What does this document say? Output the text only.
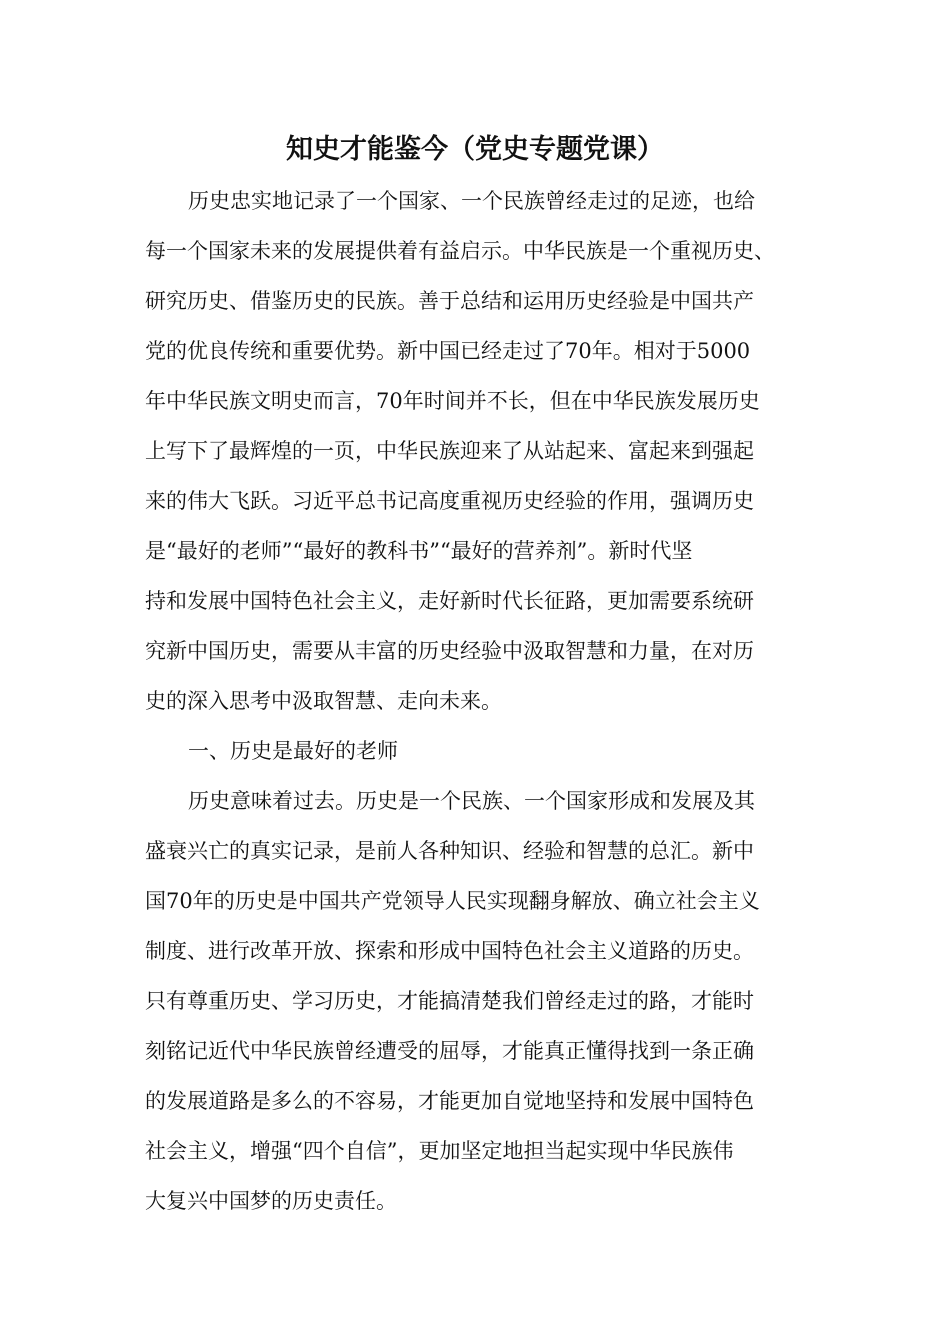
知史才能鉴今（党史专题党课）

历史忠实地记录了一个国家、一个民族曾经走过的足迹，也给

每一个国家未来的发展提供着有益启示。中华民族是一个重视历史、

研究历史、借鉴历史的民族。善于总结和运用历史经验是中国共产

党的优良传统和重要优势。新中国已经走过了70年。相对于5000

年中华民族文明史而言，70年时间并不长，但在中华民族发展历史

上写下了最辉煌的一页，中华民族迎来了从站起来、富起来到强起

来的伟大飞跃。习近平总书记高度重视历史经验的作用，强调历史

是“最好的老师”“最好的教科书”“最好的营养剂”。新时代坚

持和发展中国特色社会主义，走好新时代长征路，更加需要系统研

究新中国历史，需要从丰富的历史经验中汲取智慧和力量，在对历

史的深入思考中汲取智慧、走向未来。

一、历史是最好的老师

历史意味着过去。历史是一个民族、一个国家形成和发展及其

盛衰兴亡的真实记录，是前人各种知识、经验和智慧的总汇。新中

国70年的历史是中国共产党领导人民实现翻身解放、确立社会主义

制度、进行改革开放、探索和形成中国特色社会主义道路的历史。

只有尊重历史、学习历史，才能搞清楚我们曾经走过的路，才能时

刻铭记近代中华民族曾经遭受的屈辱，才能真正懂得找到一条正确

的发展道路是多么的不容易，才能更加自觉地坚持和发展中国特色

社会主义，增强“四个自信”，更加坚定地担当起实现中华民族伟

大复兴中国梦的历史责任。
